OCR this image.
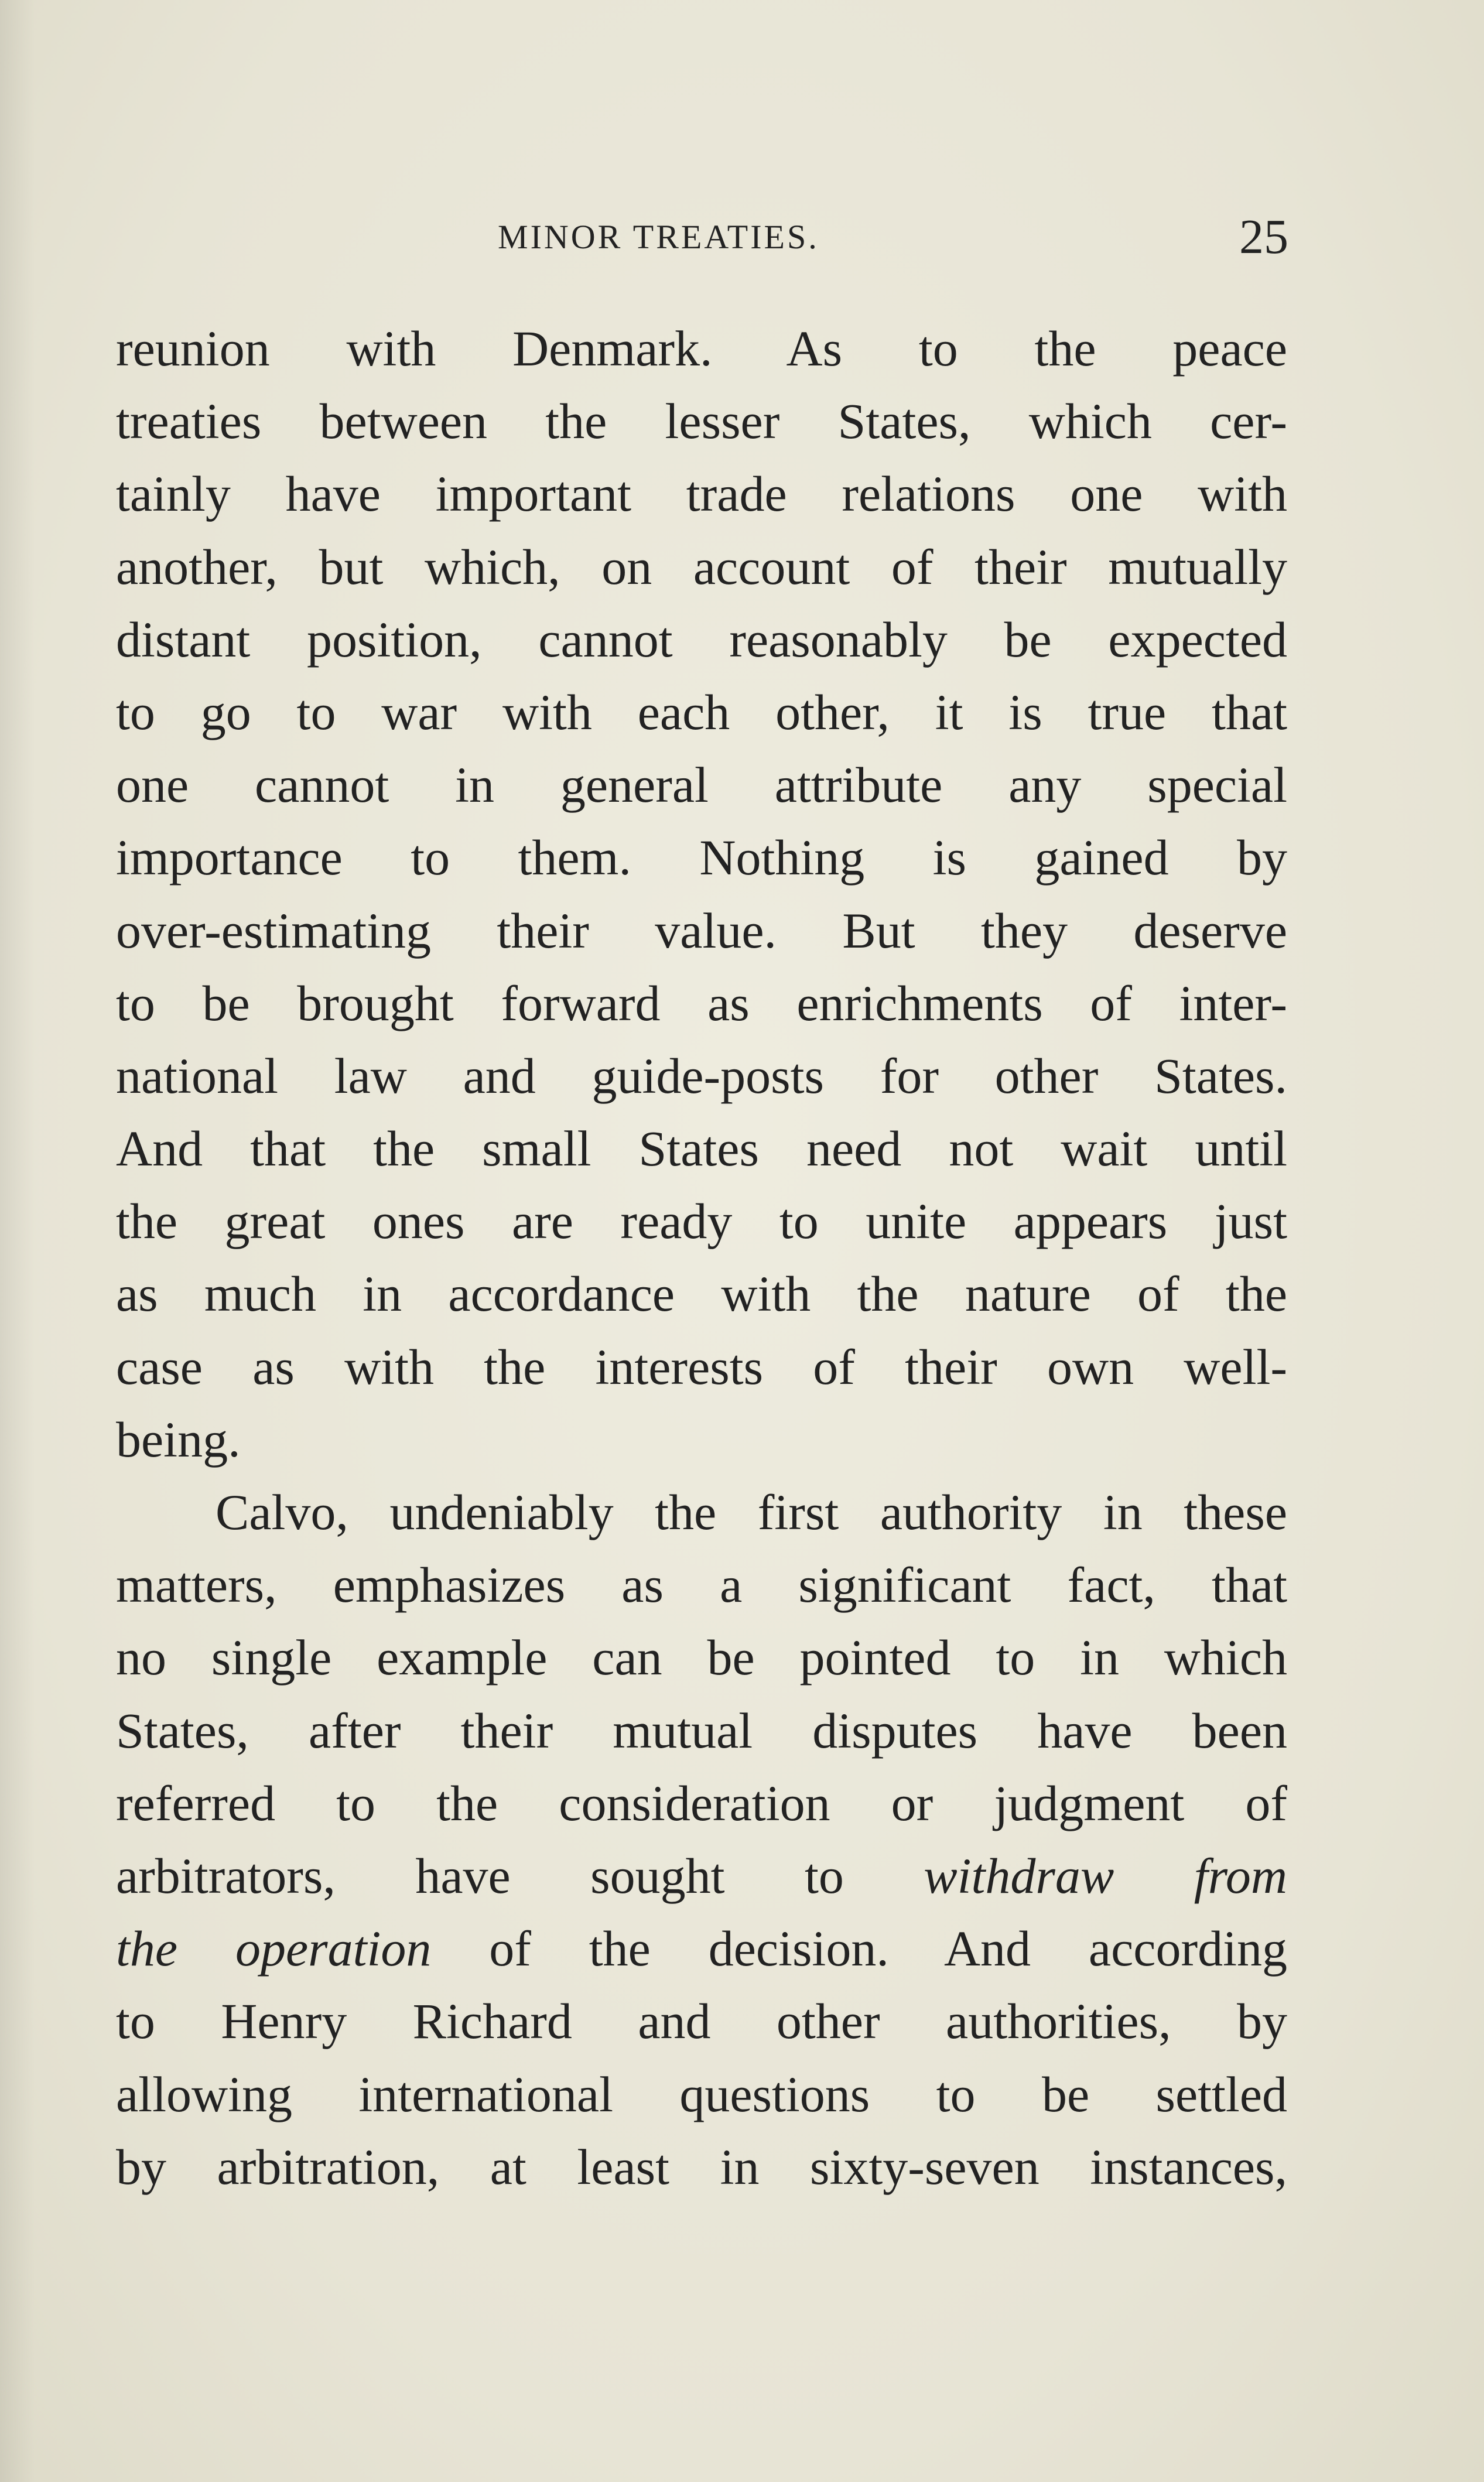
MINOR TREATIES.	25
reunion with Denmark. As to the peace
treaties between the lesser States, which cer-
tainly have important trade relations one with
another, but which, on account of their mutually
distant position, cannot reasonably be expected
to go to war with each other, it is true that
one cannot in general attribute any special
importance to them. Nothing is gained by
over-estimating their value. But they deserve
to be brought forward as enrichments of inter-
national law and guide-posts for other States.
And that the small States need not wait until
the great ones are ready to unite appears just
as much in accordance with the nature of the
case as with the interests of their own well-
being.
Calvo, undeniably the first authority in these
matters, emphasizes as a significant fact, that
no single example can be pointed to in which
States, after their mutual disputes have been
referred to the consideration or judgment of
arbitrators, have sought to withdraw from
the operation of the decision. And according
to Henry Richard and other authorities, by
allowing international questions to be settled
by arbitration, at least in sixty-seven instances,
